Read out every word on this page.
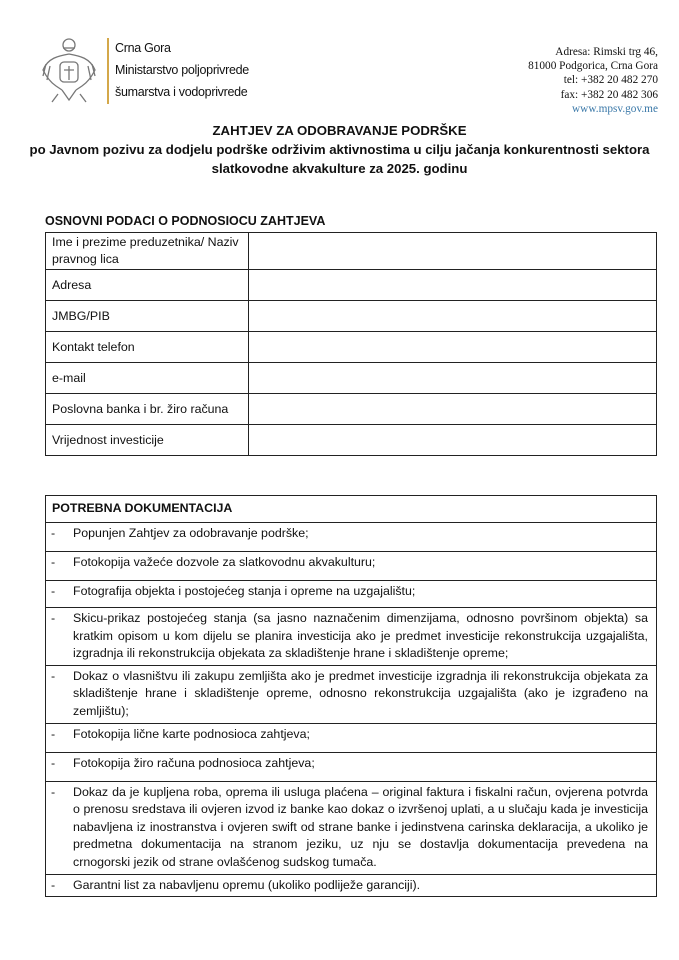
Crna Gora
Ministarstvo poljoprivrede
šumarstva i vodoprivrede
Adresa: Rimski trg 46,
81000 Podgorica, Crna Gora
tel: +382 20 482 270
fax: +382 20 482 306
www.mpsv.gov.me
ZAHTJEV ZA ODOBRAVANJE PODRŠKE
po Javnom pozivu za dodjelu podrške održivim aktivnostima u cilju jačanja konkurentnosti sektora
slatkovodne akvakulture za 2025. godinu
OSNOVNI PODACI O PODNOSIOCU ZAHTJEVA
Ime i prezime preduzetnika/ Naziv pravnog lica	
Adresa	
JMBG/PIB	
Kontakt telefon	
e-mail	
Poslovna banka i br. žiro računa	
Vrijednost investicije	
POTREBNA DOKUMENTACIJA	
-	Popunjen Zahtjev za odobravanje podrške;
-	Fotokopija važeće dozvole za slatkovodnu akvakulturu;
-	Fotografija objekta i postojećeg stanja i opreme na uzgajalištu;
-	Skicu-prikaz postojećeg stanja (sa jasno naznačenim dimenzijama, odnosno površinom objekta) sa kratkim opisom u kom dijelu se planira investicija ako je predmet investicije rekonstrukcija uzgajališta, izgradnja ili rekonstrukcija objekata za skladištenje hrane i skladištenje opreme;
-	Dokaz o vlasništvu ili zakupu zemljišta ako je predmet investicije izgradnja ili rekonstrukcija objekata za skladištenje hrane i skladištenje opreme, odnosno rekonstrukcija uzgajališta (ako je izgrađeno na zemljištu);
-	Fotokopija lične karte podnosioca zahtjeva;
-	Fotokopija žiro računa podnosioca zahtjeva;
-	Dokaz da je kupljena roba, oprema ili usluga plaćena – original faktura i fiskalni račun, ovjerena potvrda o prenosu sredstava ili ovjeren izvod iz banke kao dokaz o izvršenoj uplati, a u slučaju kada je investicija nabavljena iz inostranstva i ovjeren swift od strane banke i jedinstvena carinska deklaracija, a ukoliko je predmetna dokumentacija na stranom jeziku, uz nju se dostavlja dokumentacija prevedena na crnogorski jezik od strane ovlašćenog sudskog tumača.
-	Garantni list za nabavljenu opremu (ukoliko podliježe garanciji).
